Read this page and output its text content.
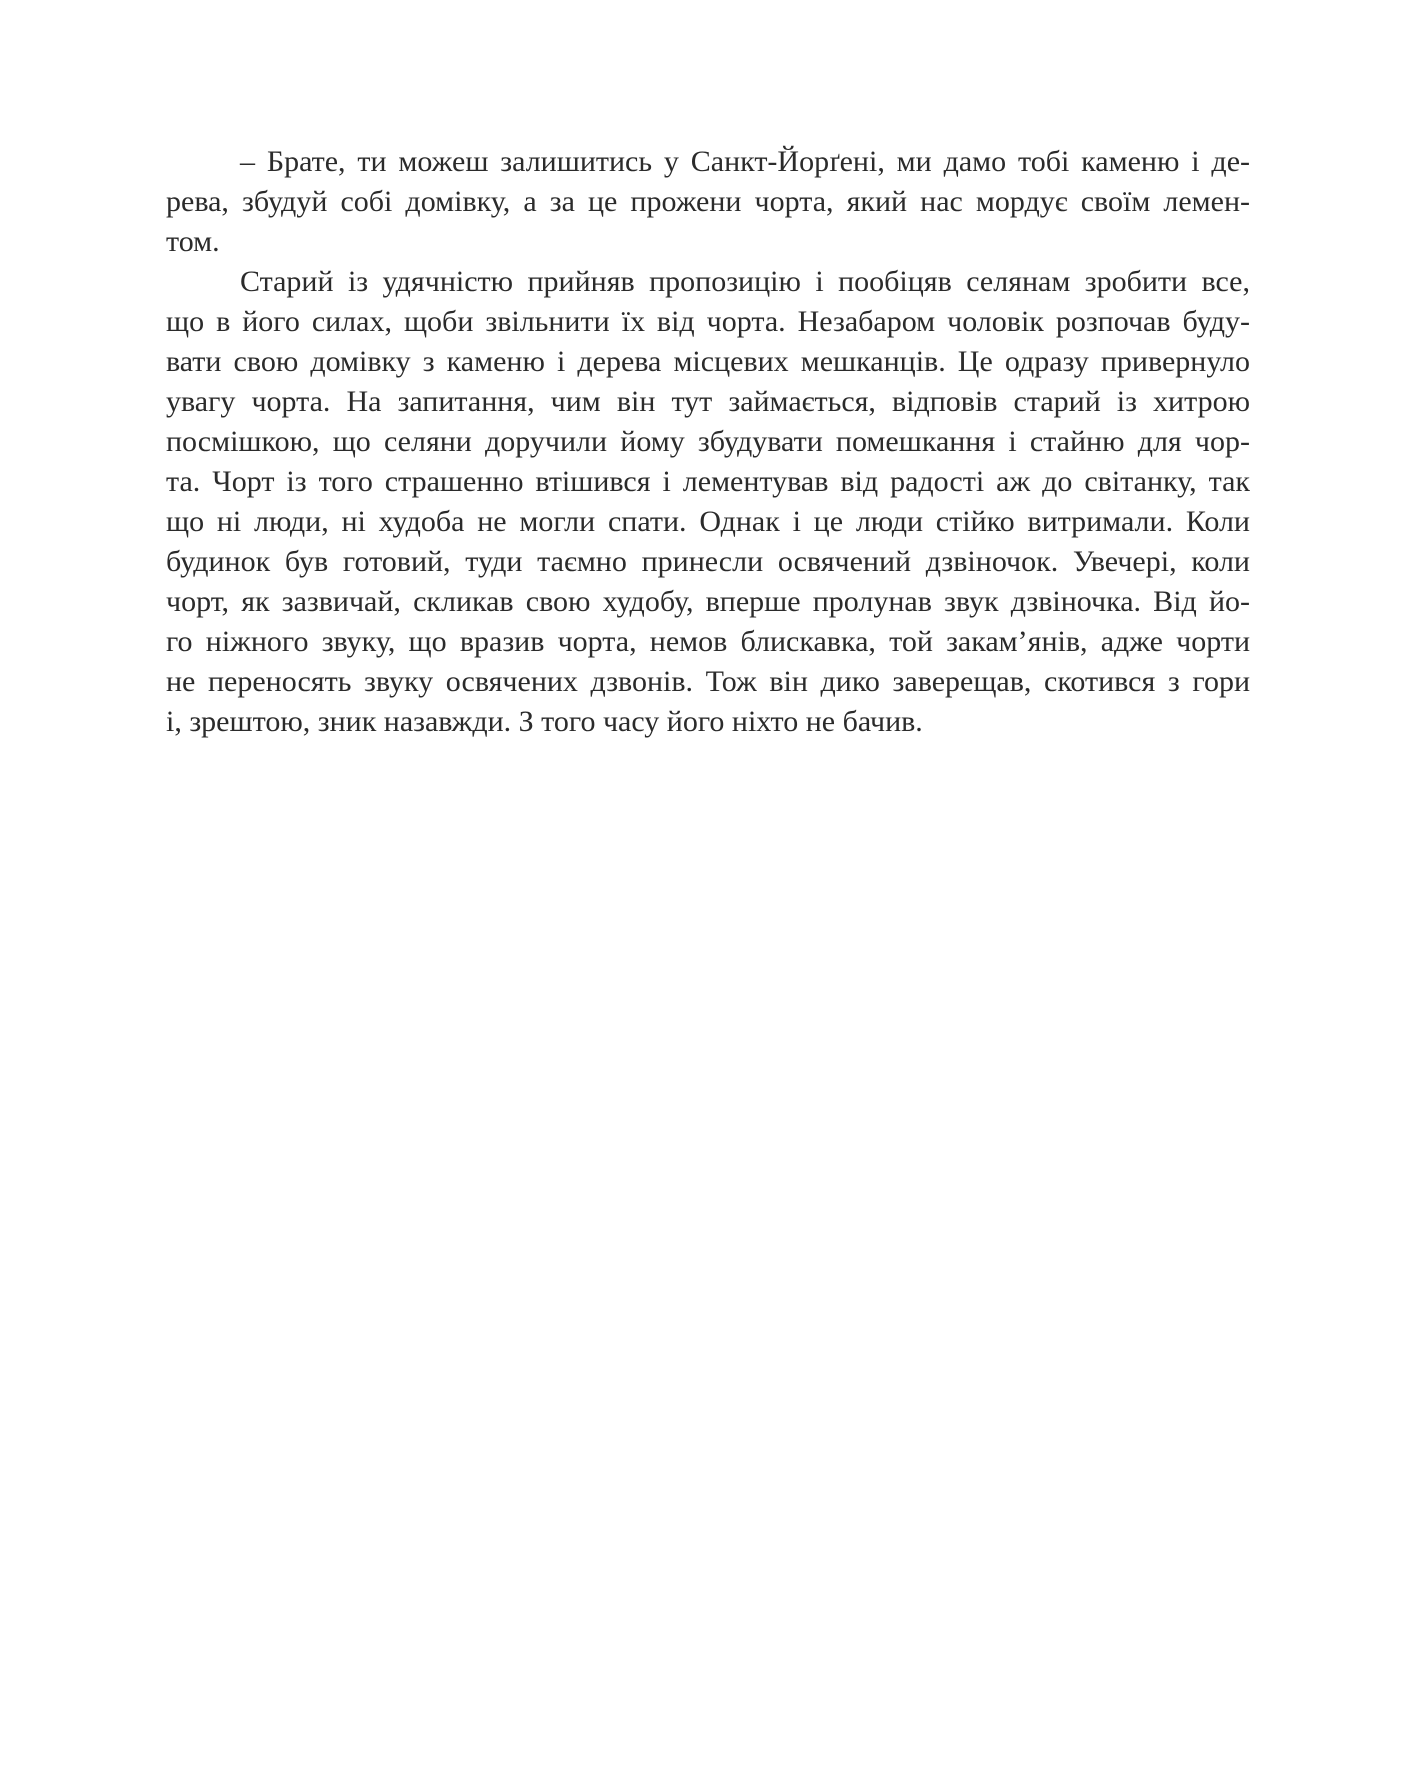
– Брате, ти можеш залишитись у Санкт-Йорґені, ми дамо тобі каменю і де-
рева, збудуй собі домівку, а за це прожени чорта, який нас мордує своїм лемен-
том.
Старий із удячністю прийняв пропозицію і пообіцяв селянам зробити все,
що в його силах, щоби звільнити їх від чорта. Незабаром чоловік розпочав буду-
вати свою домівку з каменю і дерева місцевих мешканців. Це одразу привернуло
увагу чорта. На запитання, чим він тут займається, відповів старий із хитрою
посмішкою, що селяни доручили йому збудувати помешкання і стайню для чор-
та. Чорт із того страшенно втішився і лементував від радості аж до світанку, так
що ні люди, ні худоба не могли спати. Однак і це люди стійко витримали. Коли
будинок був готовий, туди таємно принесли освячений дзвіночок. Увечері, коли
чорт, як зазвичай, скликав свою худобу, вперше пролунав звук дзвіночка. Від йо-
го ніжного звуку, що вразив чорта, немов блискавка, той закам’янів, адже чорти
не переносять звуку освячених дзвонів. Тож він дико заверещав, скотився з гори
і, зрештою, зник назавжди. З того часу його ніхто не бачив.
